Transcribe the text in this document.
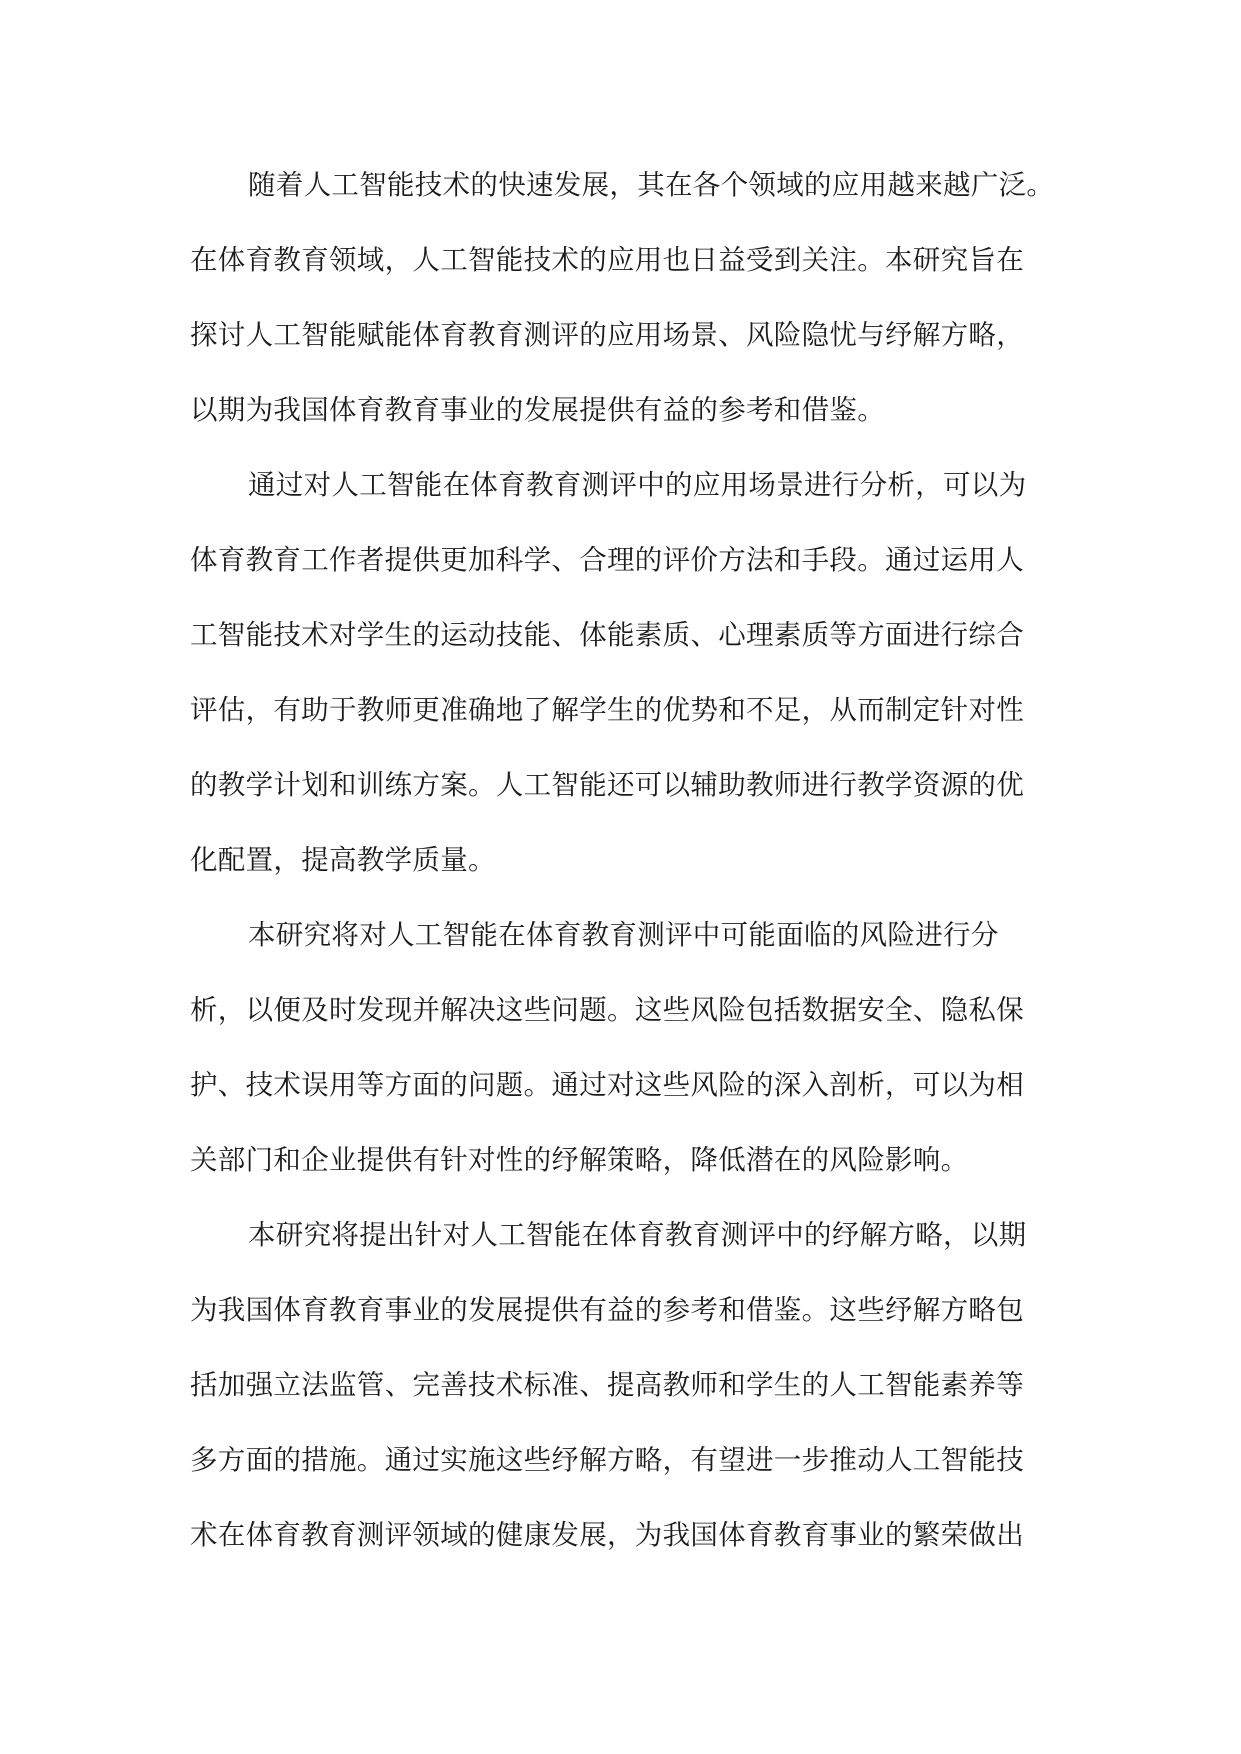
随着人工智能技术的快速发展，其在各个领域的应用越来越广泛。
在体育教育领域，人工智能技术的应用也日益受到关注。本研究旨在
探讨人工智能赋能体育教育测评的应用场景、风险隐忧与纾解方略，
以期为我国体育教育事业的发展提供有益的参考和借鉴。
通过对人工智能在体育教育测评中的应用场景进行分析，可以为
体育教育工作者提供更加科学、合理的评价方法和手段。通过运用人
工智能技术对学生的运动技能、体能素质、心理素质等方面进行综合
评估，有助于教师更准确地了解学生的优势和不足，从而制定针对性
的教学计划和训练方案。人工智能还可以辅助教师进行教学资源的优
化配置，提高教学质量。
本研究将对人工智能在体育教育测评中可能面临的风险进行分
析，以便及时发现并解决这些问题。这些风险包括数据安全、隐私保
护、技术误用等方面的问题。通过对这些风险的深入剖析，可以为相
关部门和企业提供有针对性的纾解策略，降低潜在的风险影响。
本研究将提出针对人工智能在体育教育测评中的纾解方略，以期
为我国体育教育事业的发展提供有益的参考和借鉴。这些纾解方略包
括加强立法监管、完善技术标准、提高教师和学生的人工智能素养等
多方面的措施。通过实施这些纾解方略，有望进一步推动人工智能技
术在体育教育测评领域的健康发展，为我国体育教育事业的繁荣做出
